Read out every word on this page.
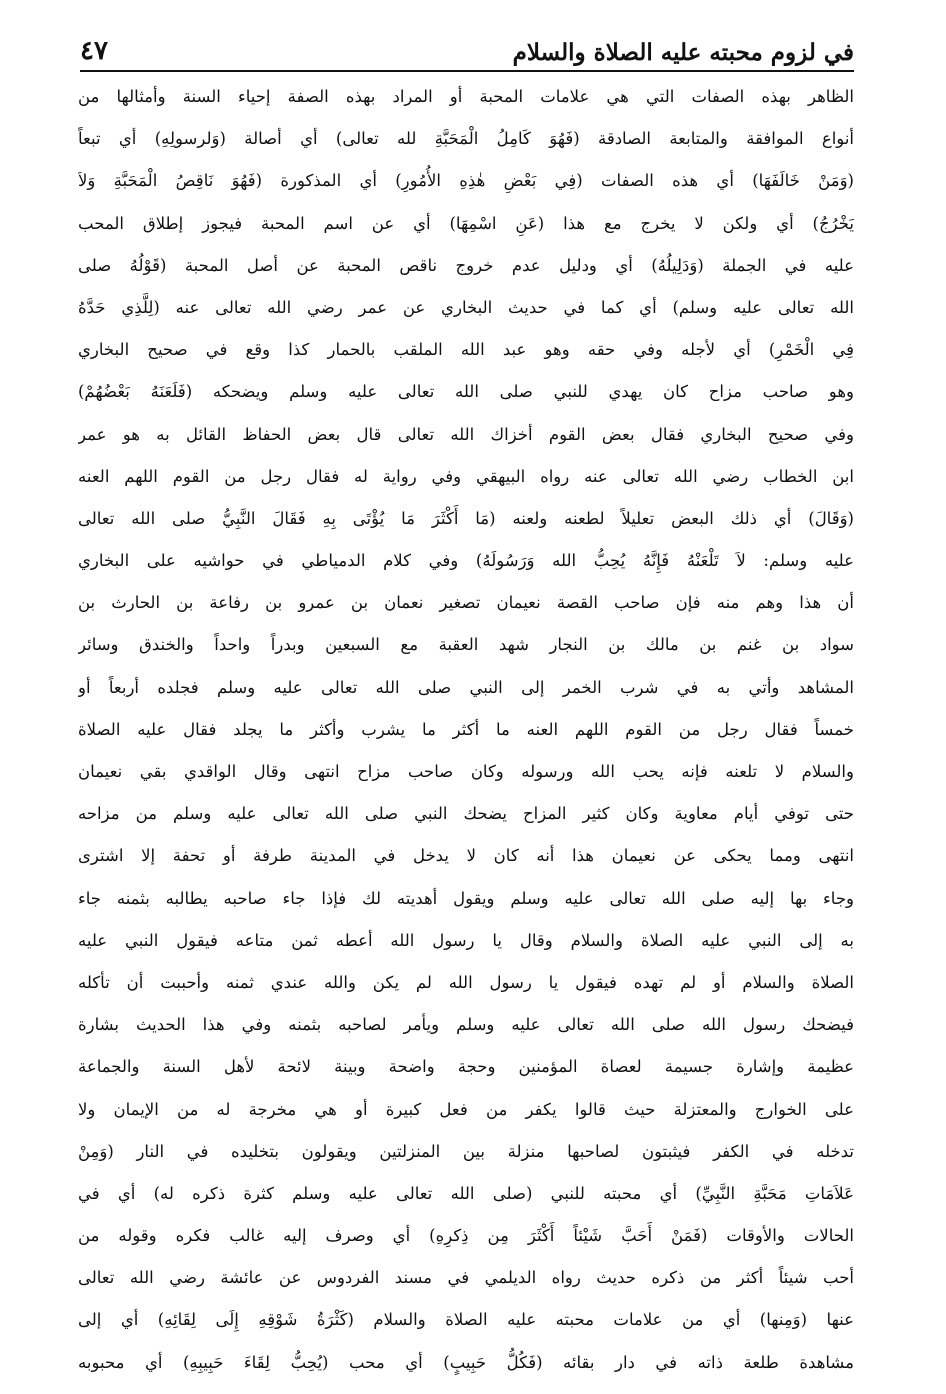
في لزوم محبته عليه الصلاة والسلام
٤٧
الظاهر بهذه الصفات التي هي علامات المحبة أو المراد بهذه الصفة إحياء السنة وأمثالها من
أنواع الموافقة والمتابعة الصادقة (فَهُوَ كَامِلُ الْمَحَبَّةِ لله تعالى) أي أصالة (وَلرسولِهِ) أي تبعاً
(وَمَنْ خَالَفَهَا) أي هذه الصفات (فِي بَعْضِ هٰذِهِ الأُمُورِ) أي المذكورة (فَهُوَ نَاقِصُ الْمَحَبَّةِ وَلاَ
يَخْرُجُ) أي ولكن لا يخرج مع هذا (عَنِ اسْمِهَا) أي عن اسم المحبة فيجوز إطلاق المحب
عليه في الجملة (وَدَلِيلُهُ) أي ودليل عدم خروج ناقص المحبة عن أصل المحبة (قَوْلُهُ صلى
الله تعالى عليه وسلم) أي كما في حديث البخاري عن عمر رضي الله تعالى عنه (لِلَّذِي حَدَّهُ
فِي الْخَمْرِ) أي لأجله وفي حقه وهو عبد الله الملقب بالحمار كذا وقع في صحيح البخاري
وهو صاحب مزاح كان يهدي للنبي صلى الله تعالى عليه وسلم ويضحكه (فَلَعَنَهُ بَعْضُهُمْ)
وفي صحيح البخاري فقال بعض القوم أخزاك الله تعالى قال بعض الحفاظ القائل به هو عمر
ابن الخطاب رضي الله تعالى عنه رواه البيهقي وفي رواية له فقال رجل من القوم اللهم العنه
(وَقَالَ) أي ذلك البعض تعليلاً لطعنه ولعنه (مَا أَكْثَرَ مَا يُؤْتَى بِهِ فَقَالَ النَّبِيُّ صلى الله تعالى
عليه وسلم: لاَ تَلْعَنْهُ فَإِنَّهُ يُحِبُّ الله وَرَسُولَهُ) وفي كلام الدمياطي في حواشيه على البخاري
أن هذا وهم منه فإن صاحب القصة نعيمان تصغير نعمان بن عمرو بن رفاعة بن الحارث بن
سواد بن غنم بن مالك بن النجار شهد العقبة مع السبعين وبدراً واحداً والخندق وسائر
المشاهد وأتي به في شرب الخمر إلى النبي صلى الله تعالى عليه وسلم فجلده أربعاً أو
خمساً فقال رجل من القوم اللهم العنه ما أكثر ما يشرب وأكثر ما يجلد فقال عليه الصلاة
والسلام لا تلعنه فإنه يحب الله ورسوله وكان صاحب مزاح انتهى وقال الواقدي بقي نعيمان
حتى توفي أيام معاوية وكان كثير المزاح يضحك النبي صلى الله تعالى عليه وسلم من مزاحه
انتهى ومما يحكى عن نعيمان هذا أنه كان لا يدخل في المدينة طرفة أو تحفة إلا اشترى
وجاء بها إليه صلى الله تعالى عليه وسلم ويقول أهديته لك فإذا جاء صاحبه يطالبه بثمنه جاء
به إلى النبي عليه الصلاة والسلام وقال يا رسول الله أعطه ثمن متاعه فيقول النبي عليه
الصلاة والسلام أو لم تهده فيقول يا رسول الله لم يكن والله عندي ثمنه وأحببت أن تأكله
فيضحك رسول الله صلى الله تعالى عليه وسلم ويأمر لصاحبه بثمنه وفي هذا الحديث بشارة
عظيمة وإشارة جسيمة لعصاة المؤمنين وحجة واضحة وبينة لائحة لأهل السنة والجماعة
على الخوارج والمعتزلة حيث قالوا يكفر من فعل كبيرة أو هي مخرجة له من الإيمان ولا
تدخله في الكفر فيثبتون لصاحبها منزلة بين المنزلتين ويقولون بتخليده في النار (وَمِنْ
عَلاَمَاتِ مَحَبَّةِ النَّبِيِّ) أي محبته للنبي (صلى الله تعالى عليه وسلم كثرة ذكره له) أي في
الحالات والأوقات (فَمَنْ أَحَبَّ شَيْئاً أَكْثَرَ مِن ذِكرِهِ) أي وصرف إليه غالب فكره وقوله من
أحب شيئاً أكثر من ذكره حديث رواه الديلمي في مسند الفردوس عن عائشة رضي الله تعالى
عنها (وَمِنها) أي من علامات محبته عليه الصلاة والسلام (كَثْرَةُ شَوْقِهِ إِلَى لِقَائِهِ) أي إلى
مشاهدة طلعة ذاته في دار بقائه (فَكُلُّ حَبِيبٍ) أي محب (يُحِبُّ لِقَاءَ حَبِيبِهِ) أي محبوبه
